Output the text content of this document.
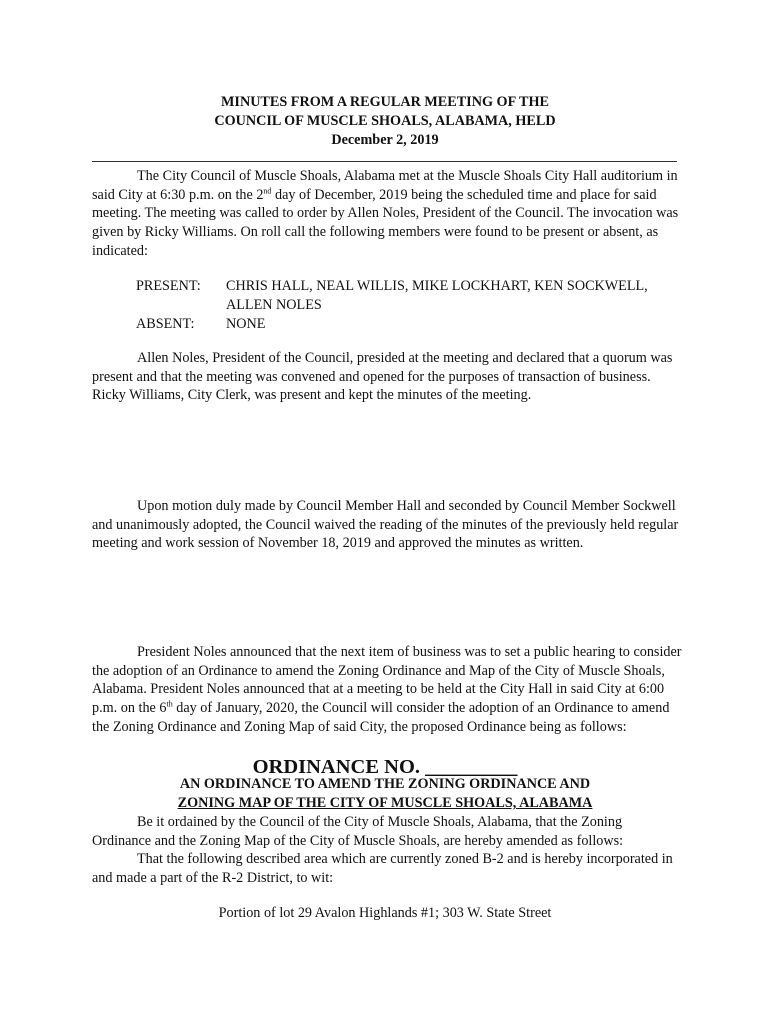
MINUTES FROM A REGULAR MEETING OF THE
COUNCIL OF MUSCLE SHOALS, ALABAMA, HELD
December 2, 2019

The City Council of Muscle Shoals, Alabama met at the Muscle Shoals City Hall auditorium in said City at 6:30 p.m. on the 2nd day of December, 2019 being the scheduled time and place for said meeting. The meeting was called to order by Allen Noles, President of the Council. The invocation was given by Ricky Williams. On roll call the following members were found to be present or absent, as indicated:

PRESENT: CHRIS HALL, NEAL WILLIS, MIKE LOCKHART, KEN SOCKWELL,
ALLEN NOLES
ABSENT: NONE

Allen Noles, President of the Council, presided at the meeting and declared that a quorum was present and that the meeting was convened and opened for the purposes of transaction of business. Ricky Williams, City Clerk, was present and kept the minutes of the meeting.

Upon motion duly made by Council Member Hall and seconded by Council Member Sockwell and unanimously adopted, the Council waived the reading of the minutes of the previously held regular meeting and work session of November 18, 2019 and approved the minutes as written.

President Noles announced that the next item of business was to set a public hearing to consider the adoption of an Ordinance to amend the Zoning Ordinance and Map of the City of Muscle Shoals, Alabama. President Noles announced that at a meeting to be held at the City Hall in said City at 6:00 p.m. on the 6th day of January, 2020, the Council will consider the adoption of an Ordinance to amend the Zoning Ordinance and Zoning Map of said City, the proposed Ordinance being as follows:

ORDINANCE NO. _________
AN ORDINANCE TO AMEND THE ZONING ORDINANCE AND
ZONING MAP OF THE CITY OF MUSCLE SHOALS, ALABAMA

Be it ordained by the Council of the City of Muscle Shoals, Alabama, that the Zoning Ordinance and the Zoning Map of the City of Muscle Shoals, are hereby amended as follows:

That the following described area which are currently zoned B-2 and is hereby incorporated in and made a part of the R-2 District, to wit:

Portion of lot 29 Avalon Highlands #1; 303 W. State Street
